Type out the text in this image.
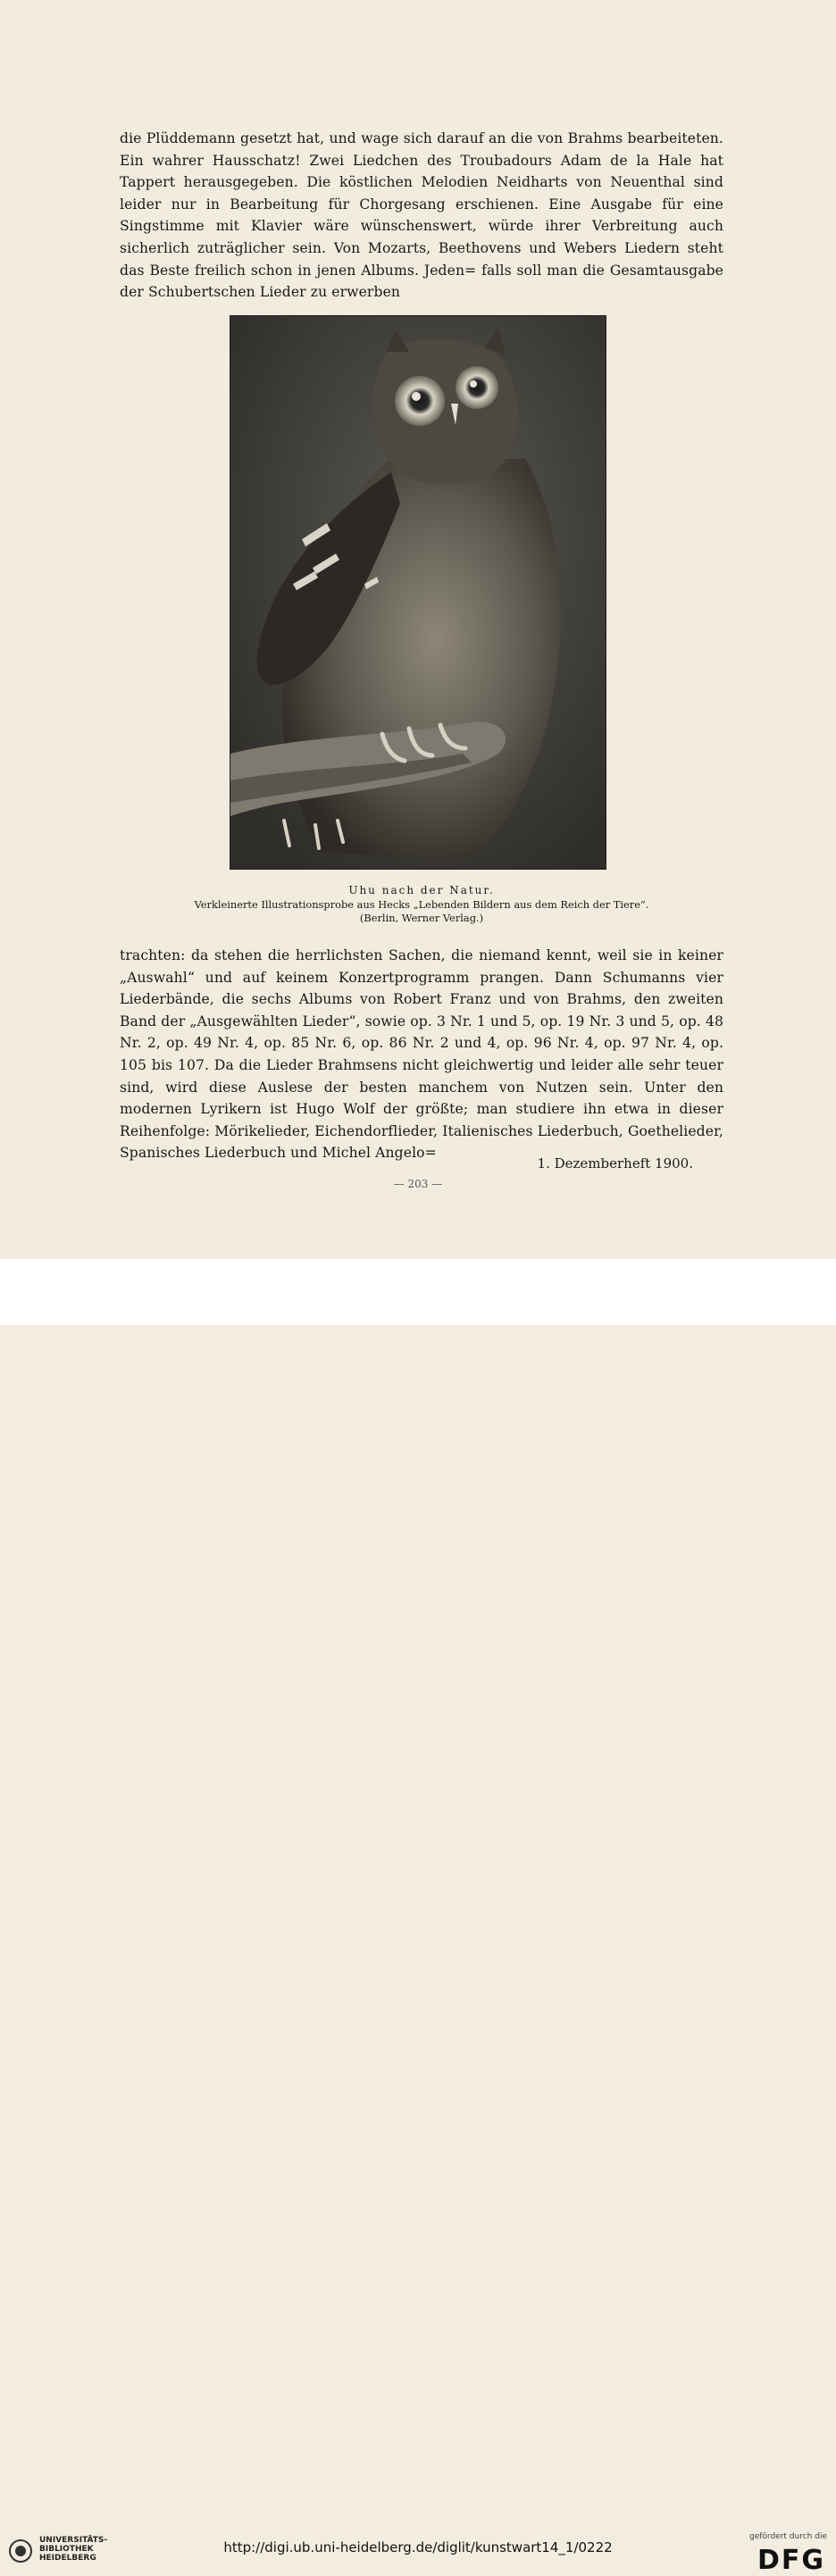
die Plüddemann gesetzt hat, und wage sich darauf an die von Brahms bearbeiteten. Ein wahrer Hausschatz! Zwei Liedchen des Troubadours Adam de la Hale hat Tappert herausgegeben. Die köstlichen Melodien Neidharts von Neuenthal sind leider nur in Bearbeitung für Chorgesang erschienen. Eine Ausgabe für eine Singstimme mit Klavier wäre wünschenswert, würde ihrer Verbreitung auch sicherlich zuträglicher sein. Von Mozarts, Beethovens und Webers Liedern steht das Beste freilich schon in jenen Albums. Jeden= falls soll man die Gesamtausgabe der Schubertschen Lieder zu erwerben

Uhu nach der Natur.
Verkleinerte Illustrationsprobe aus Hecks „Lebenden Bildern aus dem Reich der Tiere“.
(Berlin, Werner Verlag.)

trachten: da stehen die herrlichsten Sachen, die niemand kennt, weil sie in keiner „Auswahl“ und auf keinem Konzertprogramm prangen. Dann Schumanns vier Liederbände, die sechs Albums von Robert Franz und von Brahms, den zweiten Band der „Ausgewählten Lieder“, sowie op. 3 Nr. 1 und 5, op. 19 Nr. 3 und 5, op. 48 Nr. 2, op. 49 Nr. 4, op. 85 Nr. 6, op. 86 Nr. 2 und 4, op. 96 Nr. 4, op. 97 Nr. 4, op. 105 bis 107. Da die Lieder Brahmsens nicht gleichwertig und leider alle sehr teuer sind, wird diese Auslese der besten manchem von Nutzen sein. Unter den modernen Lyrikern ist Hugo Wolf der größte; man studiere ihn etwa in dieser Reihenfolge: Mörikelieder, Eichendorflieder, Italienisches Liederbuch, Goethelieder, Spanisches Liederbuch und Michel Angelo=

1. Dezemberheft 1900.
— 203 —
UNIVERSITÄTS-
BIBLIOTHEK
HEIDELBERG
http://digi.ub.uni-heidelberg.de/diglit/kunstwart14_1/0222
gefördert durch die
DFG
